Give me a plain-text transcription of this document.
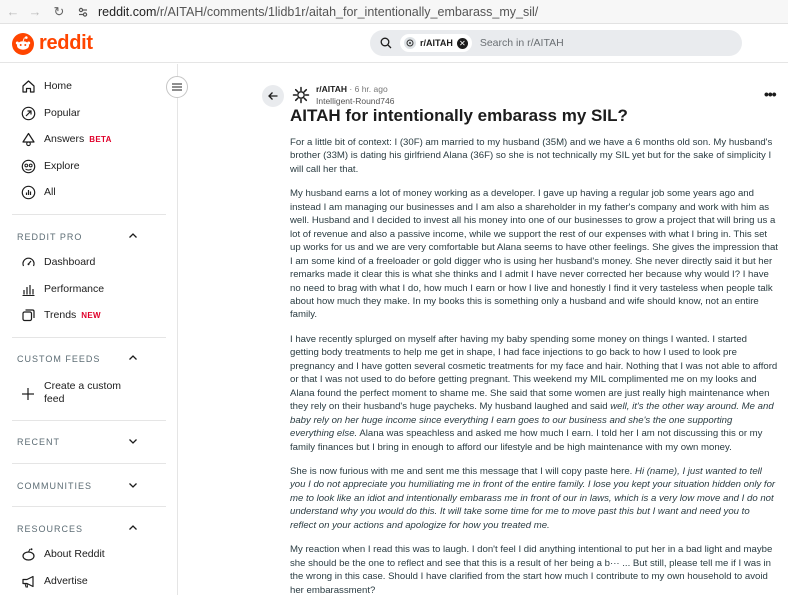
← → ↻	reddit.com/r/AITAH/comments/1lidb1r/aitah_for_intentionally_embarass_my_sil/
reddit	r/AITAH ✕ Search in r/AITAH
Home
Popular
Answers BETA
Explore
All
REDDIT PRO
Dashboard
Performance
Trends NEW
CUSTOM FEEDS
Create a custom feed
RECENT
COMMUNITIES
RESOURCES
About Reddit
Advertise
r/AITAH · 6 hr. ago
Intelligent-Round746	•••
AITAH for intentionally embarass my SIL?

For a little bit of context: I (30F) am married to my husband (35M) and we have a 6 months old son. My husband's brother (33M) is dating his girlfriend Alana (36F) so she is not technically my SIL yet but for the sake of simplicity I will call her that.

My husband earns a lot of money working as a developer. I gave up having a regular job some years ago and instead I am managing our businesses and I am also a shareholder in my father's company and work with him as well. Husband and I decided to invest all his money into one of our businesses to grow a project that will bring us a lot of revenue and also a passive income, while we support the rest of our expenses with what I bring in. This set up works for us and we are very comfortable but Alana seems to have other feelings. She gives the impression that I am some kind of a freeloader or gold digger who is using her husband's money. She never directly said it but her remarks made it clear this is what she thinks and I admit I have never corrected her because why would I? I have no need to brag with what I do, how much I earn or how I live and honestly I find it very tasteless when people talk about how much they make. In my books this is something only a husband and wife should know, not an entire family.

I have recently splurged on myself after having my baby spending some money on things I wanted. I started getting body treatments to help me get in shape, I had face injections to go back to how I used to look pre pregnancy and I have gotten several cosmetic treatments for my face and hair. Nothing that I was not able to afford or that I was not used to do before getting pregnant. This weekend my MIL complimented me on my looks and Alana found the perfect moment to shame me. She said that some women are just really high maintenance when they rely on their husband's huge paycheks. My husband laughed and said well, it's the other way around. Me and baby rely on her huge income since everything I earn goes to our business and she's the one supporting everything else. Alana was speachless and asked me how much I earn. I told her I am not discussing this or my family finances but I bring in enough to afford our lifestyle and be high maintenance with my own money.

She is now furious with me and sent me this message that I will copy paste here. Hi (name), I just wanted to tell you I do not appreciate you humiliating me in front of the entire family. I lose you kept your situation hidden only for me to look like an idiot and intentionally embarass me in front of our in laws, which is a very low move and I do not understand why you would do this. It will take some time for me to move past this but I want and need you to reflect on your actions and apologize for how you treated me.

My reaction when I read this was to laugh. I don't feel I did anything intentional to put her in a bad light and maybe she should be the one to reflect and see that this is a result of her being a b··· ... But still, please tell me if I was in the wrong in this case. Should I have clarified from the start how much I contribute to my own household to avoid her embarassment?
